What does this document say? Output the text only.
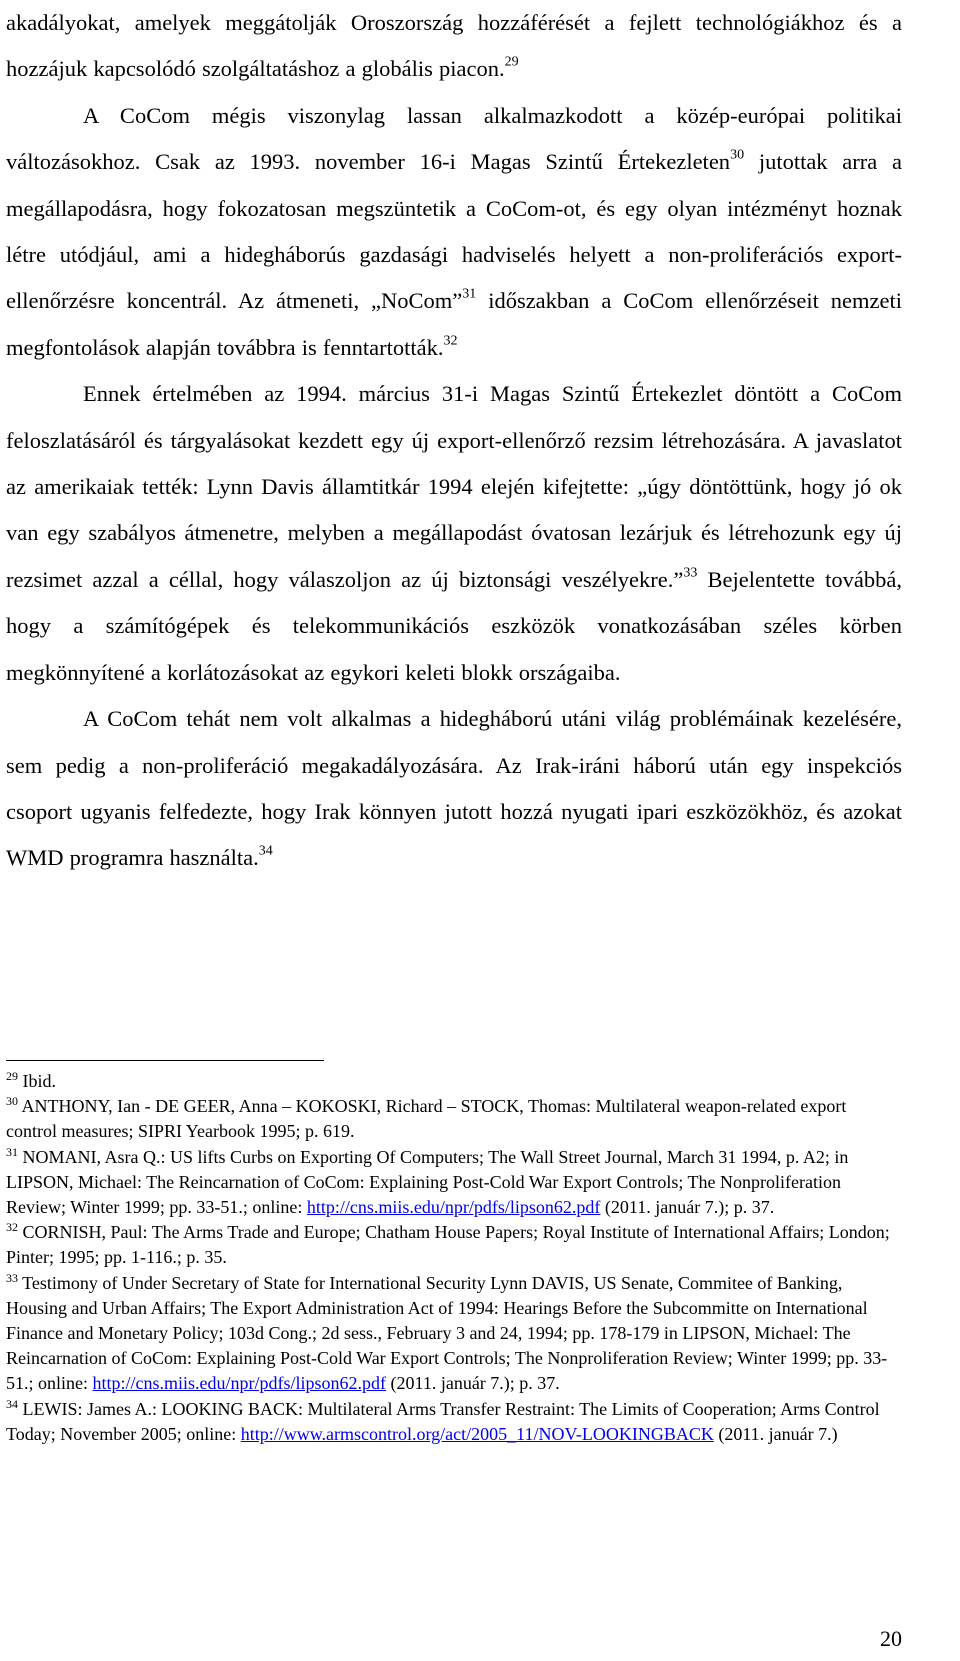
akadályokat, amelyek meggátolják Oroszország hozzáférését a fejlett technológiákhoz és a hozzájuk kapcsolódó szolgáltatáshoz a globális piacon.$^{29}$

A CoCom mégis viszonylag lassan alkalmazkodott a közép-európai politikai változásokhoz. Csak az 1993. november 16-i Magas Szintű Értekezleten$^{30}$ jutottak arra a megállapodásra, hogy fokozatosan megszüntetik a CoCom-ot, és egy olyan intézményt hoznak létre utódjául, ami a hidegháborús gazdasági hadviselés helyett a non-proliferációs export-ellenőrzésre koncentrál. Az átmeneti, „NoCom”$^{31}$ időszakban a CoCom ellenőrzéseit nemzeti megfontolások alapján továbbra is fenntartották.$^{32}$

Ennek értelmében az 1994. március 31-i Magas Szintű Értekezlet döntött a CoCom feloszlatásáról és tárgyalásokat kezdett egy új export-ellenőrző rezsim létrehozására. A javaslatot az amerikaiak tették: Lynn Davis államtitkár 1994 elején kifejtette: „úgy döntöttünk, hogy jó ok van egy szabályos átmenetre, melyben a megállapodást óvatosan lezárjuk és létrehozunk egy új rezsimet azzal a céllal, hogy válaszoljon az új biztonsági veszélyekre.”$^{33}$ Bejelentette továbbá, hogy a számítógépek és telekommunikációs eszközök vonatkozásában széles körben megkönnyítené a korlátozásokat az egykori keleti blokk országaiba.

A CoCom tehát nem volt alkalmas a hidegháború utáni világ problémáinak kezelésére, sem pedig a non-proliferáció megakadályozására. Az Irak-iráni háború után egy inspekciós csoport ugyanis felfedezte, hogy Irak könnyen jutott hozzá nyugati ipari eszközökhöz, és azokat WMD programra használta.$^{34}$

$^{29}$ Ibid.

$^{30}$ ANTHONY, Ian - DE GEER, Anna – KOKOSKI, Richard – STOCK, Thomas: Multilateral weapon-related export control measures; SIPRI Yearbook 1995; p. 619.

$^{31}$ NOMANI, Asra Q.: US lifts Curbs on Exporting Of Computers; The Wall Street Journal, March 31 1994, p. A2; in LIPSON, Michael: The Reincarnation of CoCom: Explaining Post-Cold War Export Controls; The Nonproliferation Review; Winter 1999; pp. 33-51.; online: http://cns.miis.edu/npr/pdfs/lipson62.pdf (2011. január 7.); p. 37.

$^{32}$ CORNISH, Paul: The Arms Trade and Europe; Chatham House Papers; Royal Institute of International Affairs; London; Pinter; 1995; pp. 1-116.; p. 35.

$^{33}$ Testimony of Under Secretary of State for International Security Lynn DAVIS, US Senate, Commitee of Banking, Housing and Urban Affairs; The Export Administration Act of 1994: Hearings Before the Subcommitte on International Finance and Monetary Policy; 103d Cong.; 2d sess., February 3 and 24, 1994; pp. 178-179 in LIPSON, Michael: The Reincarnation of CoCom: Explaining Post-Cold War Export Controls; The Nonproliferation Review; Winter 1999; pp. 33-51.; online: http://cns.miis.edu/npr/pdfs/lipson62.pdf (2011. január 7.); p. 37.

$^{34}$ LEWIS: James A.: LOOKING BACK: Multilateral Arms Transfer Restraint: The Limits of Cooperation; Arms Control Today; November 2005; online: http://www.armscontrol.org/act/2005_11/NOV-LOOKINGBACK (2011. január 7.)

20
